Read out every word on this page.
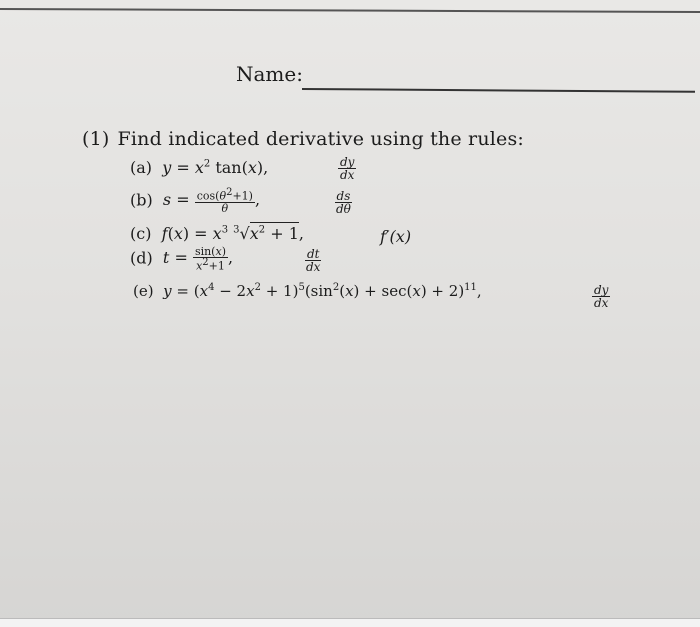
Name:
(1) Find indicated derivative using the rules:
(a) $y = x^2$ tan(x),	$\frac{dy}{dx}$
(b) $s = \frac{\cos(\theta^2+1)}{\theta}$ ,	$\frac{ds}{d\theta}$
(c) $f(x) = x^3$ $^3√x^2 + 1$,	f′(x)
(d) $t = \frac{\sin(x)}{x^2+1}$ ,	$\frac{dt}{dx}$
(e) $y = (x^4 - 2x^2 + 1)^5(\sin^2(x) + \sec(x) + 2)^{11}$,	$\frac{dy}{dx}$
